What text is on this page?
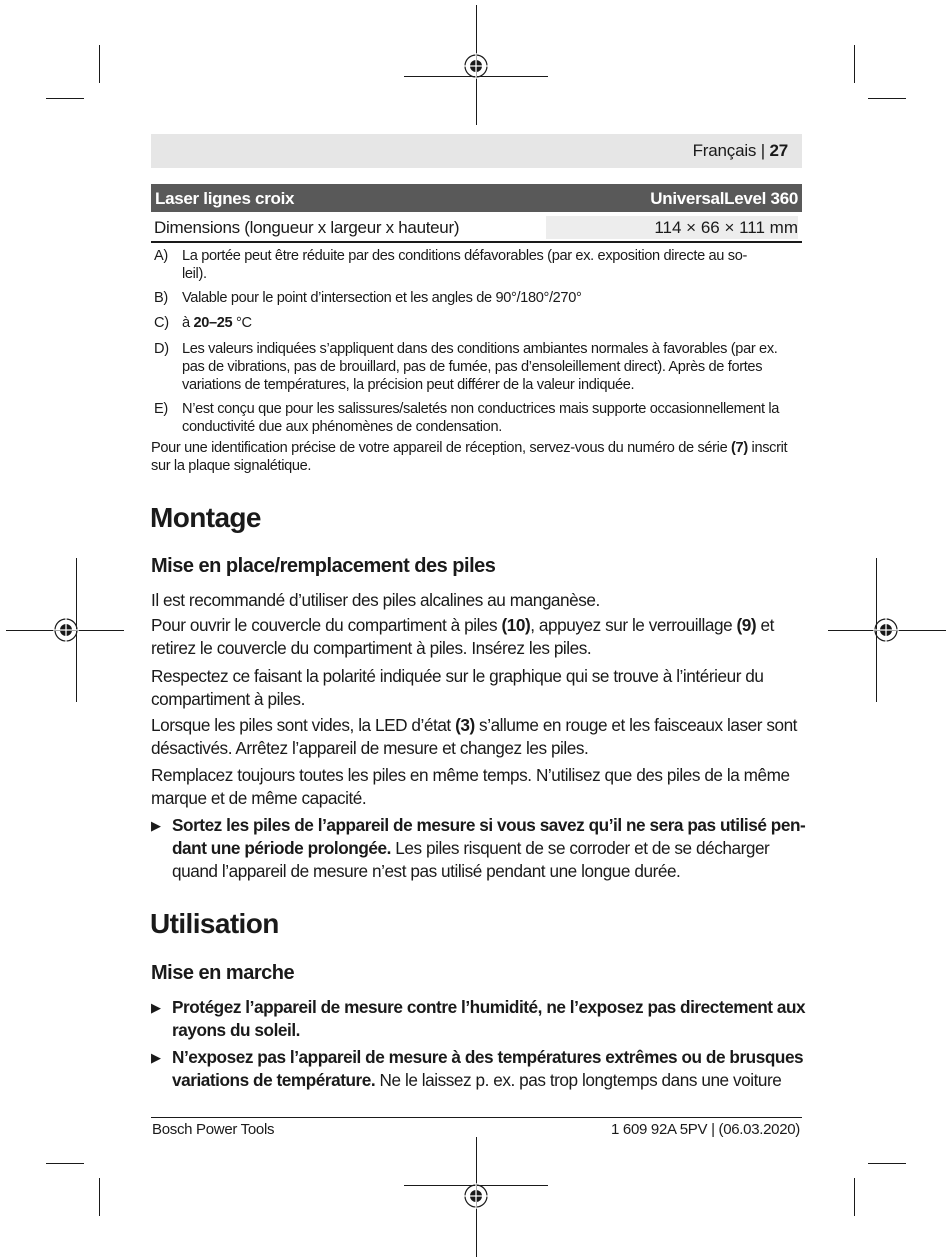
Français | 27
Laser lignes croix	UniversalLevel 360
Dimensions (longueur x largeur x hauteur)	114 × 66 × 111 mm
A) La portée peut être réduite par des conditions défavorables (par ex. exposition directe au so-
leil).
B) Valable pour le point d’intersection et les angles de 90°/180°/270°
C) à 20–25 °C
D) Les valeurs indiquées s’appliquent dans des conditions ambiantes normales à favorables (par ex. pas de vibrations, pas de brouillard, pas de fumée, pas d’ensoleillement direct). Après de fortes variations de températures, la précision peut différer de la valeur indiquée.
E) N’est conçu que pour les salissures/saletés non conductrices mais supporte occasionnellement la conductivité due aux phénomènes de condensation.
Pour une identification précise de votre appareil de réception, servez-vous du numéro de série (7) inscrit sur la plaque signalétique.
Montage
Mise en place/remplacement des piles
Il est recommandé d’utiliser des piles alcalines au manganèse.
Pour ouvrir le couvercle du compartiment à piles (10), appuyez sur le verrouillage (9) et retirez le couvercle du compartiment à piles. Insérez les piles.
Respectez ce faisant la polarité indiquée sur le graphique qui se trouve à l’intérieur du compartiment à piles.
Lorsque les piles sont vides, la LED d’état (3) s’allume en rouge et les faisceaux laser sont désactivés. Arrêtez l’appareil de mesure et changez les piles.
Remplacez toujours toutes les piles en même temps. N’utilisez que des piles de la même marque et de même capacité.
▶ Sortez les piles de l’appareil de mesure si vous savez qu’il ne sera pas utilisé pen-dant une période prolongée. Les piles risquent de se corroder et de se décharger quand l’appareil de mesure n’est pas utilisé pendant une longue durée.
Utilisation
Mise en marche
▶ Protégez l’appareil de mesure contre l’humidité, ne l’exposez pas directement aux rayons du soleil.
▶ N’exposez pas l’appareil de mesure à des températures extrêmes ou de brusques variations de température. Ne le laissez p. ex. pas trop longtemps dans une voiture
Bosch Power Tools	1 609 92A 5PV | (06.03.2020)
